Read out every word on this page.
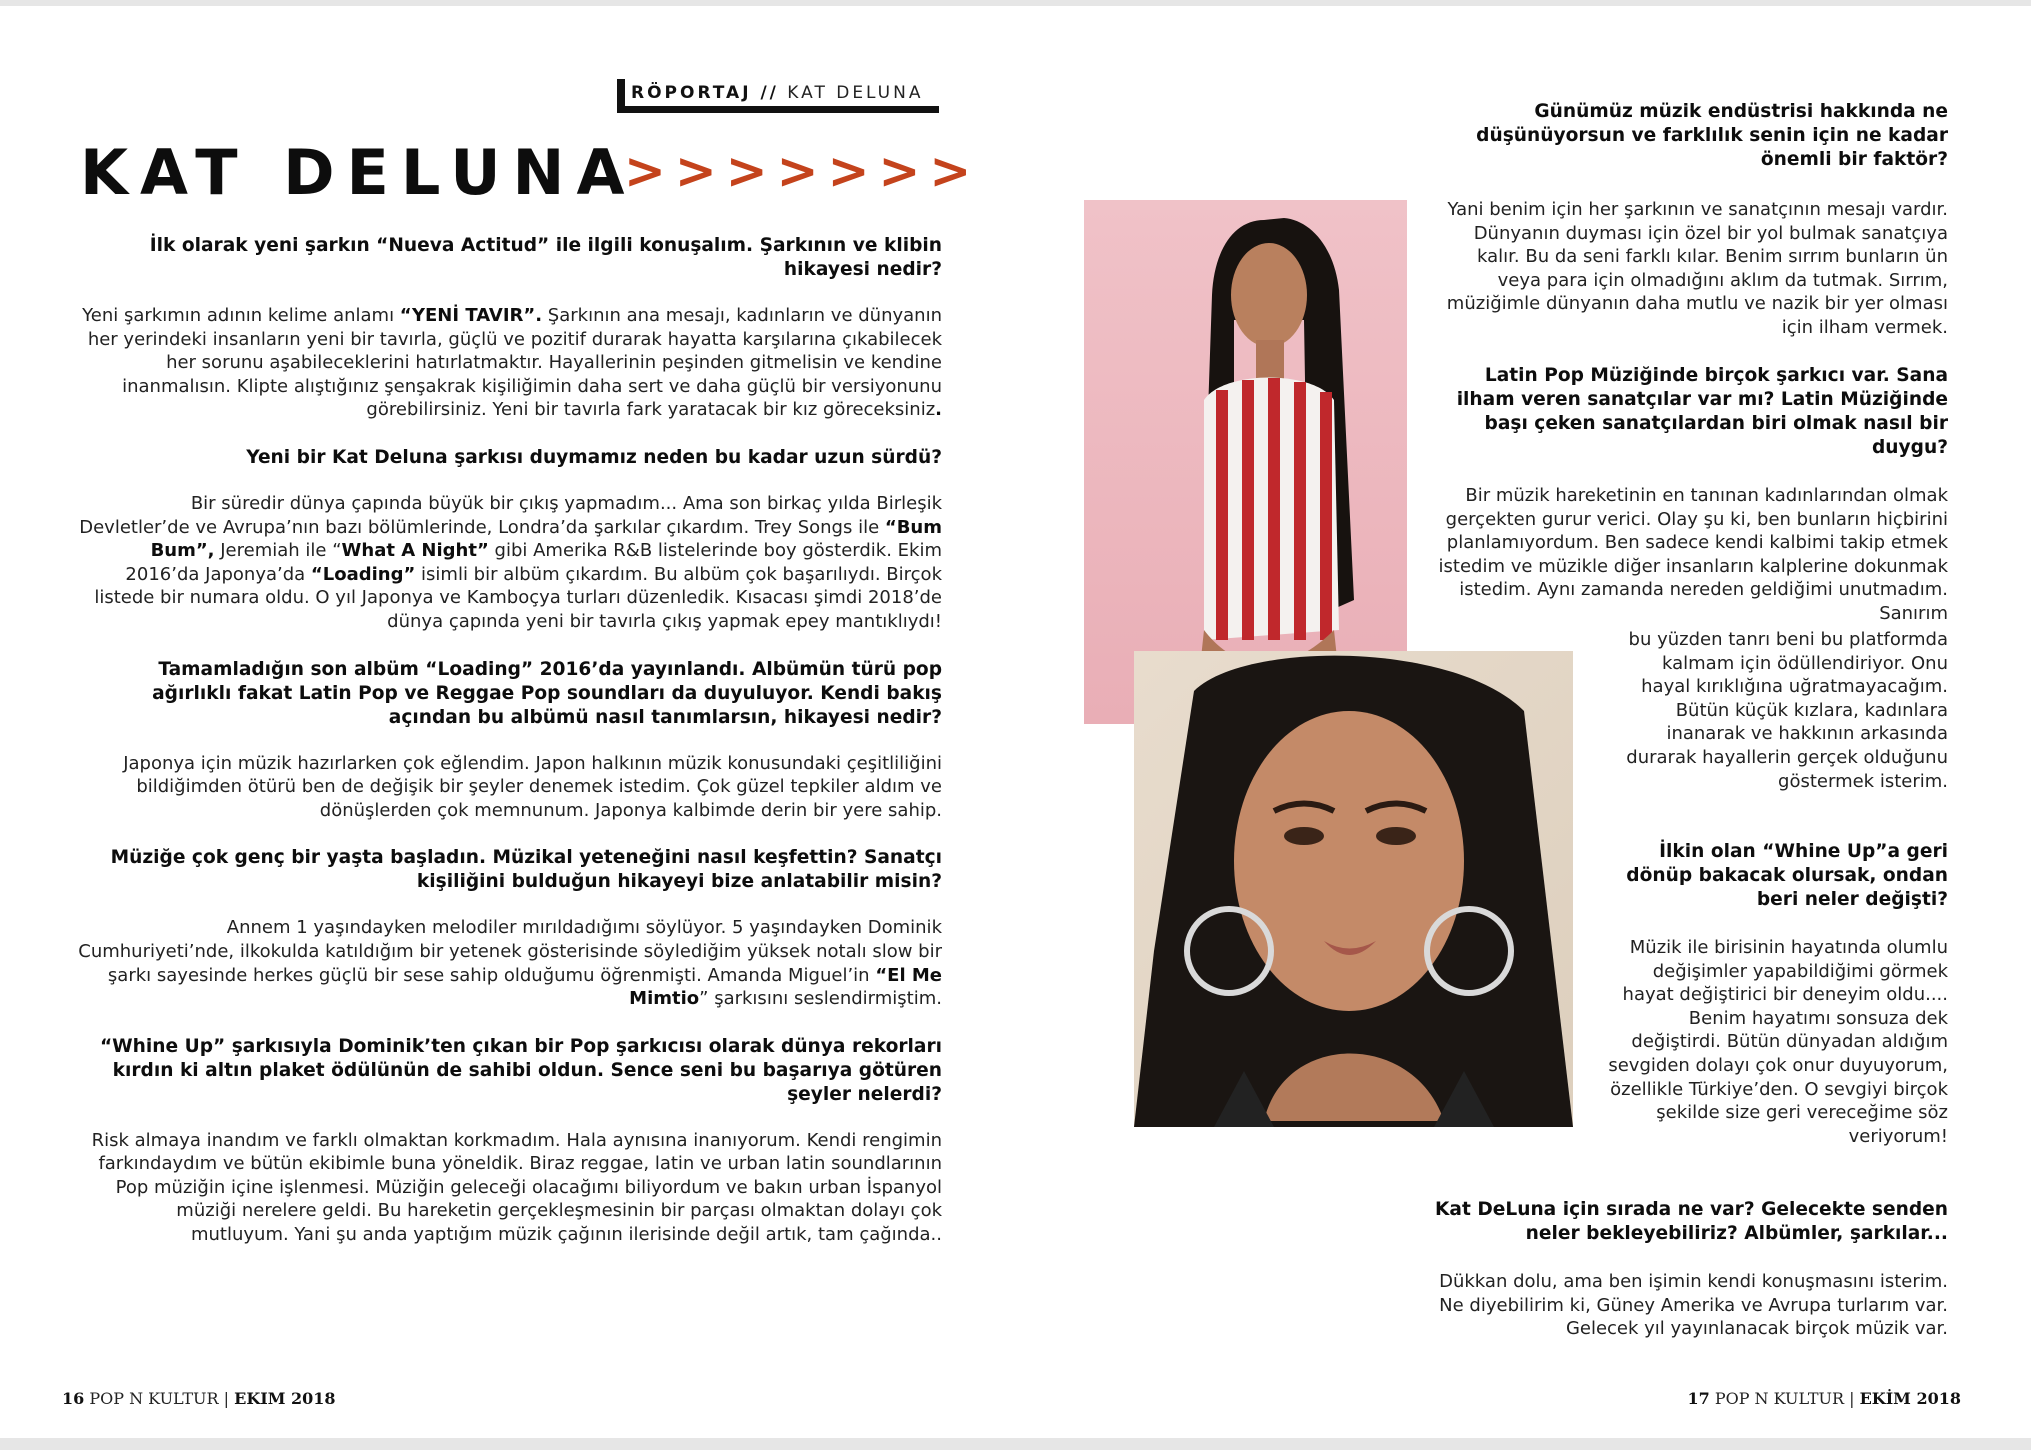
RÖPORTAJ // KAT DELUNA
KAT DELUNA
>>>>>>>

İlk olarak yeni şarkın “Nueva Actitud” ile ilgili konuşalım. Şarkının ve klibin hikayesi nedir?

Yeni şarkımın adının kelime anlamı “YENİ TAVIR”. Şarkının ana mesajı, kadınların ve dünyanın her yerindeki insanların yeni bir tavırla, güçlü ve pozitif durarak hayatta karşılarına çıkabilecek her sorunu aşabileceklerini hatırlatmaktır. Hayallerinin peşinden gitmelisin ve kendine inanmalısın. Klipte alıştığınız şenşakrak kişiliğimin daha sert ve daha güçlü bir versiyonunu görebilirsiniz. Yeni bir tavırla fark yaratacak bir kız göreceksiniz.

Yeni bir Kat Deluna şarkısı duymamız neden bu kadar uzun sürdü?

Bir süredir dünya çapında büyük bir çıkış yapmadım... Ama son birkaç yılda Birleşik Devletler’de ve Avrupa’nın bazı bölümlerinde, Londra’da şarkılar çıkardım. Trey Songs ile “Bum Bum”, Jeremiah ile “What A Night” gibi Amerika R&B listelerinde boy gösterdik. Ekim 2016’da Japonya’da “Loading” isimli bir albüm çıkardım. Bu albüm çok başarılıydı. Birçok listede bir numara oldu. O yıl Japonya ve Kamboçya turları düzenledik. Kısacası şimdi 2018’de dünya çapında yeni bir tavırla çıkış yapmak epey mantıklıydı!

Tamamladığın son albüm “Loading” 2016’da yayınlandı. Albümün türü pop ağırlıklı fakat Latin Pop ve Reggae Pop soundları da duyuluyor. Kendi bakış açından bu albümü nasıl tanımlarsın, hikayesi nedir?

Japonya için müzik hazırlarken çok eğlendim. Japon halkının müzik konusundaki çeşitliliğini bildiğimden ötürü ben de değişik bir şeyler denemek istedim. Çok güzel tepkiler aldım ve dönüşlerden çok memnunum. Japonya kalbimde derin bir yere sahip.

Müziğe çok genç bir yaşta başladın. Müzikal yeteneğini nasıl keşfettin? Sanatçı kişiliğini bulduğun hikayeyi bize anlatabilir misin?

Annem 1 yaşındayken melodiler mırıldadığımı söylüyor. 5 yaşındayken Dominik Cumhuriyeti’nde, ilkokulda katıldığım bir yetenek gösterisinde söylediğim yüksek notalı slow bir şarkı sayesinde herkes güçlü bir sese sahip olduğumu öğrenmişti. Amanda Miguel’in “El Me Mimtio” şarkısını seslendirmiştim.

“Whine Up” şarkısıyla Dominik’ten çıkan bir Pop şarkıcısı olarak dünya rekorları kırdın ki altın plaket ödülünün de sahibi oldun. Sence seni bu başarıya götüren şeyler nelerdi?

Risk almaya inandım ve farklı olmaktan korkmadım. Hala aynısına inanıyorum. Kendi rengimin farkındaydım ve bütün ekibimle buna yöneldik. Biraz reggae, latin ve urban latin soundlarının Pop müziğin içine işlenmesi. Müziğin geleceği olacağımı biliyordum ve bakın urban İspanyol müziği nerelere geldi. Bu hareketin gerçekleşmesinin bir parçası olmaktan dolayı çok mutluyum. Yani şu anda yaptığım müzik çağının ilerisinde değil artık, tam çağında..

16 POP N KULTUR | EKIM 2018
Günümüz müzik endüstrisi hakkında ne düşünüyorsun ve farklılık senin için ne kadar önemli bir faktör?
Yani benim için her şarkının ve sanatçının mesajı vardır. Dünyanın duyması için özel bir yol bulmak sanatçıya kalır. Bu da seni farklı kılar. Benim sırrım bunların ün veya para için olmadığını aklım da tutmak. Sırrım, müziğimle dünyanın daha mutlu ve nazik bir yer olması için ilham vermek.
Latin Pop Müziğinde birçok şarkıcı var. Sana ilham veren sanatçılar var mı? Latin Müziğinde başı çeken sanatçılardan biri olmak nasıl bir duygu?
Bir müzik hareketinin en tanınan kadınlarından olmak gerçekten gurur verici. Olay şu ki, ben bunların hiçbirini planlamıyordum. Ben sadece kendi kalbimi takip etmek istedim ve müzikle diğer insanların kalplerine dokunmak istedim. Aynı zamanda nereden geldiğimi unutmadım. Sanırım
bu yüzden tanrı beni bu platformda kalmam için ödüllendiriyor. Onu hayal kırıklığına uğratmayacağım. Bütün küçük kızlara, kadınlara inanarak ve hakkının arkasında durarak hayallerin gerçek olduğunu göstermek isterim.
İlkin olan “Whine Up”a geri dönüp bakacak olursak, ondan beri neler değişti?
Müzik ile birisinin hayatında olumlu değişimler yapabildiğimi görmek hayat değiştirici bir deneyim oldu.... Benim hayatımı sonsuza dek değiştirdi. Bütün dünyadan aldığım sevgiden dolayı çok onur duyuyorum, özellikle Türkiye’den. O sevgiyi birçok şekilde size geri vereceğime söz veriyorum!
Kat DeLuna için sırada ne var? Gelecekte senden neler bekleyebiliriz? Albümler, şarkılar...
Dükkan dolu, ama ben işimin kendi konuşmasını isterim. Ne diyebilirim ki, Güney Amerika ve Avrupa turlarım var. Gelecek yıl yayınlanacak birçok müzik var.
17 POP N KULTUR | EKİM 2018
